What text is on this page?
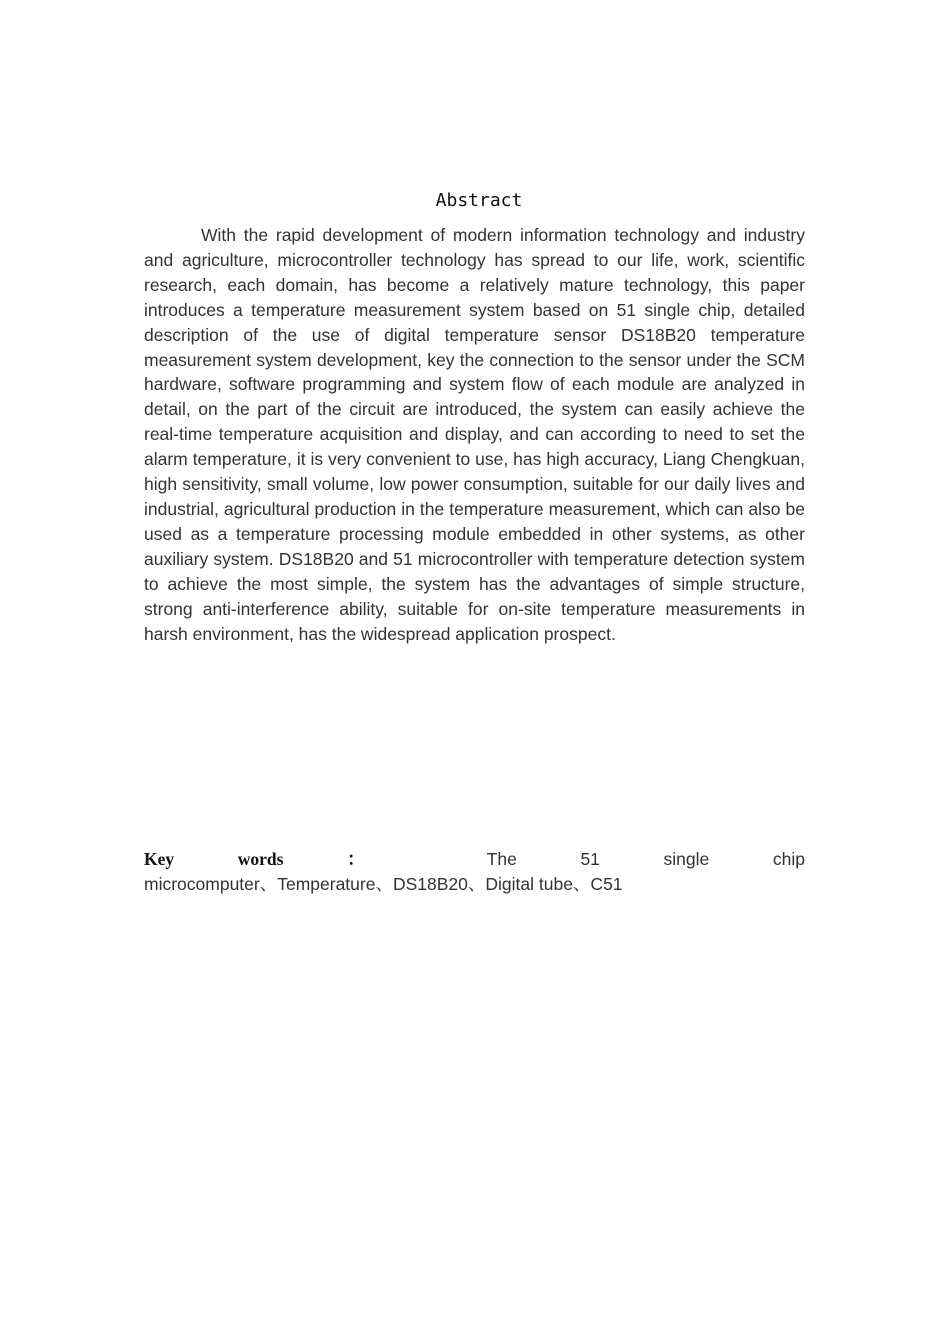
Abstract

With the rapid development of modern information technology and industry and agriculture, microcontroller technology has spread to our life, work, scientific research, each domain, has become a relatively mature technology, this paper introduces a temperature measurement system based on 51 single chip, detailed description of the use of digital temperature sensor DS18B20 temperature measurement system development, key the connection to the sensor under the SCM hardware, software programming and system flow of each module are analyzed in detail, on the part of the circuit are introduced, the system can easily achieve the real-time temperature acquisition and display, and can according to need to set the alarm temperature, it is very convenient to use, has high accuracy, Liang Chengkuan, high sensitivity, small volume, low power consumption, suitable for our daily lives and industrial, agricultural production in the temperature measurement, which can also be used as a temperature processing module embedded in other systems, as other auxiliary system. DS18B20 and 51 microcontroller with temperature detection system to achieve the most simple, the system has the advantages of simple structure, strong anti-interference ability, suitable for on-site temperature measurements in harsh environment, has the widespread application prospect.

Key	words	：	The	51	single	chip

microcomputer、Temperature、DS18B20、Digital tube、C51
